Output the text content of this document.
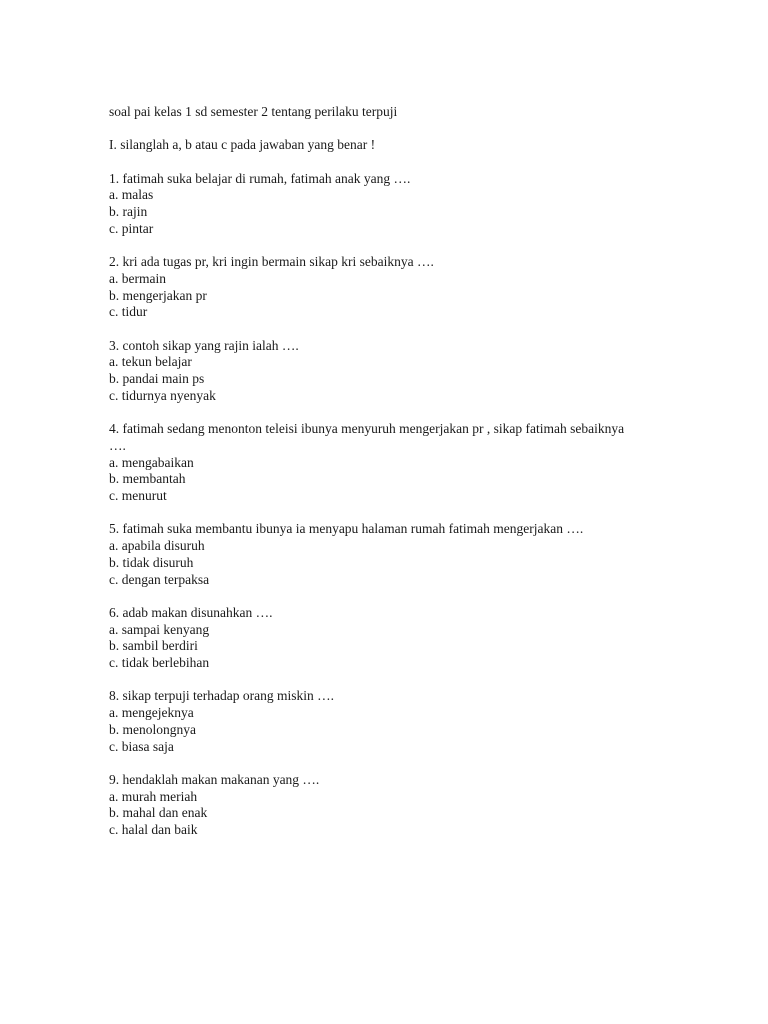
soal pai kelas 1 sd semester 2 tentang perilaku terpuji
I. silanglah a, b atau c pada jawaban yang benar !
1. fatimah suka belajar di rumah, fatimah anak yang ….
a. malas
b. rajin
c. pintar
2. kri ada tugas pr, kri ingin bermain sikap kri sebaiknya ….
a. bermain
b. mengerjakan pr
c. tidur
3. contoh sikap yang rajin ialah ….
a. tekun belajar
b. pandai main ps
c. tidurnya nyenyak
4. fatimah sedang menonton teleisi ibunya menyuruh mengerjakan pr , sikap fatimah sebaiknya ….
a. mengabaikan
b. membantah
c. menurut
5. fatimah suka membantu ibunya ia menyapu halaman rumah fatimah mengerjakan ….
a. apabila disuruh
b. tidak disuruh
c. dengan terpaksa
6. adab makan disunahkan ….
a. sampai kenyang
b. sambil berdiri
c. tidak berlebihan
8. sikap terpuji terhadap orang miskin ….
a. mengejeknya
b. menolongnya
c. biasa saja
9. hendaklah makan makanan yang ….
a. murah meriah
b. mahal dan enak
c. halal dan baik
